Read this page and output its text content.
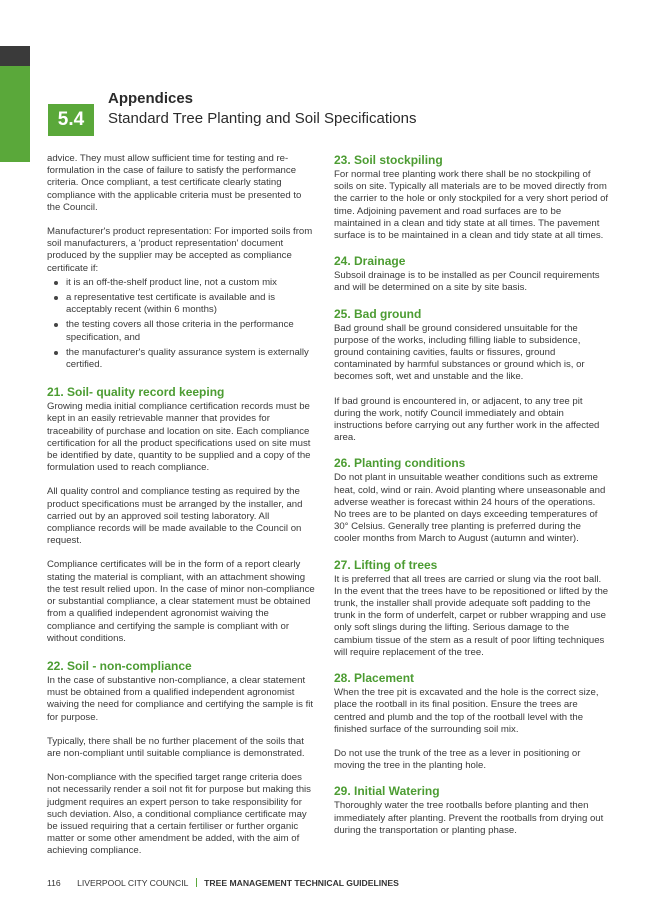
APPENDICES
5.4
Appendices
Standard Tree Planting and Soil Specifications

advice. They must allow sufficient time for testing and re-formulation in the case of failure to satisfy the performance criteria. Once compliant, a test certificate clearly stating compliance with the applicable criteria must be presented to the Council.

Manufacturer's product representation: For imported soils from soil manufacturers, a 'product representation' document produced by the supplier may be accepted as compliance certificate if:

it is an off-the-shelf product line, not a custom mix
a representative test certificate is available and is acceptably recent (within 6 months)
the testing covers all those criteria in the performance specification, and
the manufacturer's quality assurance system is externally certified.
21. Soil- quality record keeping

Growing media initial compliance certification records must be kept in an easily retrievable manner that provides for traceability of purchase and location on site. Each compliance certification for all the product specifications used on site must be identified by date, quantity to be supplied and a copy of the formulation used to reach compliance.

All quality control and compliance testing as required by the product specifications must be arranged by the installer, and carried out by an approved soil testing laboratory. All compliance records will be made available to the Council on request.

Compliance certificates will be in the form of a report clearly stating the material is compliant, with an attachment showing the test result relied upon. In the case of minor non-compliance or substantial compliance, a clear statement must be obtained from a qualified independent agronomist waiving the compliance and certifying the sample is compliant with or without conditions.

22. Soil - non-compliance

In the case of substantive non-compliance, a clear statement must be obtained from a qualified independent agronomist waiving the need for compliance and certifying the sample is fit for purpose.

Typically, there shall be no further placement of the soils that are non-compliant until suitable compliance is demonstrated.

Non-compliance with the specified target range criteria does not necessarily render a soil not fit for purpose but making this judgment requires an expert person to take responsibility for such deviation. Also, a conditional compliance certificate may be issued requiring that a certain fertiliser or further organic matter or some other amendment be added, with the aim of achieving compliance.

23. Soil stockpiling

For normal tree planting work there shall be no stockpiling of soils on site. Typically all materials are to be moved directly from the carrier to the hole or only stockpiled for a very short period of time. Adjoining pavement and road surfaces are to be maintained in a clean and tidy state at all times. The pavement surface is to be maintained in a clean and tidy state at all times.

24. Drainage

Subsoil drainage is to be installed as per Council requirements and will be determined on a site by site basis.

25. Bad ground

Bad ground shall be ground considered unsuitable for the purpose of the works, including filling liable to subsidence, ground containing cavities, faults or fissures, ground contaminated by harmful substances or ground which is, or becomes soft, wet and unstable and the like.

If bad ground is encountered in, or adjacent, to any tree pit during the work, notify Council immediately and obtain instructions before carrying out any further work in the affected area.

26. Planting conditions

Do not plant in unsuitable weather conditions such as extreme heat, cold, wind or rain. Avoid planting where unseasonable and adverse weather is forecast within 24 hours of the operations. No trees are to be planted on days exceeding temperatures of 30° Celsius. Generally tree planting is preferred during the cooler months from March to August (autumn and winter).

27. Lifting of trees

It is preferred that all trees are carried or slung via the root ball. In the event that the trees have to be repositioned or lifted by the trunk, the installer shall provide adequate soft padding to the trunk in the form of underfelt, carpet or rubber wrapping and use only soft slings during the lifting. Serious damage to the cambium tissue of the stem as a result of poor lifting techniques will require replacement of the tree.

28. Placement

When the tree pit is excavated and the hole is the correct size, place the rootball in its final position. Ensure the trees are centred and plumb and the top of the rootball level with the finished surface of the surrounding soil mix.

Do not use the trunk of the tree as a lever in positioning or moving the tree in the planting hole.

29. Initial Watering

Thoroughly water the tree rootballs before planting and then immediately after planting. Prevent the rootballs from drying out during the transportation or planting phase.

116 LIVERPOOL CITY COUNCIL TREE MANAGEMENT TECHNICAL GUIDELINES
